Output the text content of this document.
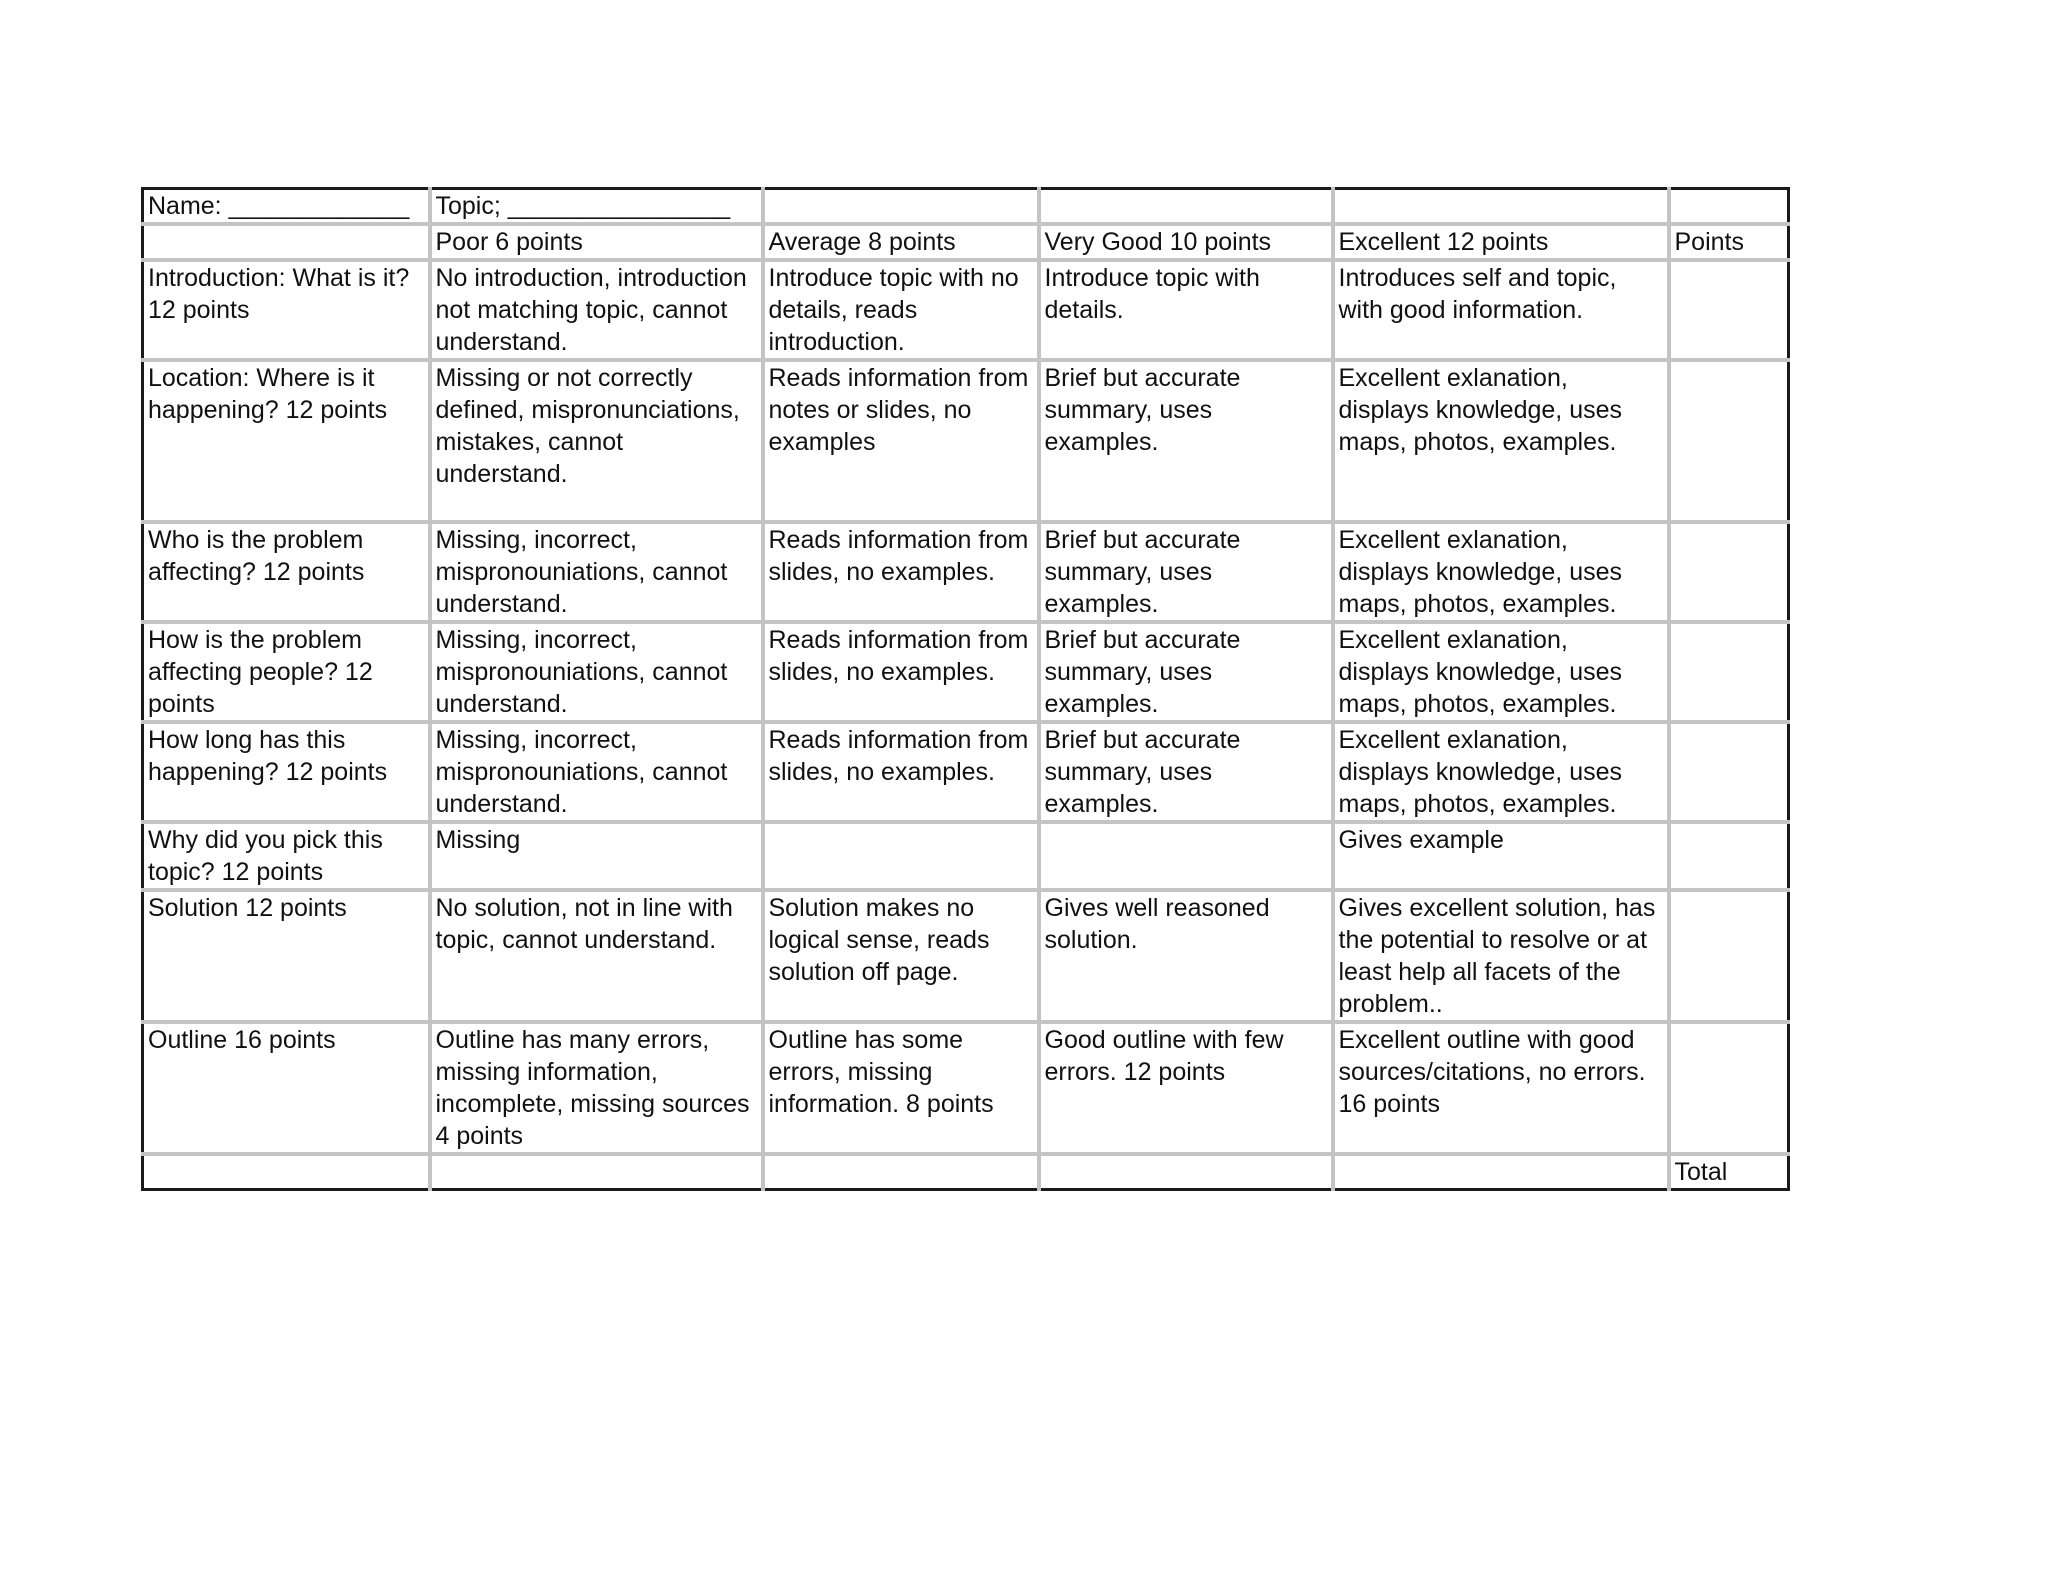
Name: _____________	Topic; ________________				
	Poor 6 points	Average 8 points	Very Good 10 points	Excellent 12 points	Points
Introduction: What is it? 12 points	No introduction, introduction not matching topic, cannot understand.	Introduce topic with no details, reads introduction.	Introduce topic with details.	Introduces self and topic, with good information.	
Location: Where is it happening? 12 points	Missing or not correctly defined, mispronunciations, mistakes, cannot understand.	Reads information from notes or slides, no examples	Brief but accurate summary, uses examples.	Excellent exlanation, displays knowledge, uses maps, photos, examples.	
Who is the problem affecting? 12 points	Missing, incorrect, mispronouniations, cannot understand.	Reads information from slides, no examples.	Brief but accurate summary, uses examples.	Excellent exlanation, displays knowledge, uses maps, photos, examples.	
How is the problem affecting people? 12 points	Missing, incorrect, mispronouniations, cannot understand.	Reads information from slides, no examples.	Brief but accurate summary, uses examples.	Excellent exlanation, displays knowledge, uses maps, photos, examples.	
How long has this happening? 12 points	Missing, incorrect, mispronouniations, cannot understand.	Reads information from slides, no examples.	Brief but accurate summary, uses examples.	Excellent exlanation, displays knowledge, uses maps, photos, examples.	
Why did you pick this topic? 12 points	Missing			Gives example	
Solution 12 points	No solution, not in line with topic, cannot understand.	Solution makes no logical sense, reads solution off page.	Gives well reasoned solution.	Gives excellent solution, has the potential to resolve or at least help all facets of the problem..	
Outline 16 points	Outline has many errors, missing information, incomplete, missing sources 4 points	Outline has some errors, missing information. 8 points	Good outline with few errors. 12 points	Excellent outline with good sources/citations, no errors. 16 points	
					Total
